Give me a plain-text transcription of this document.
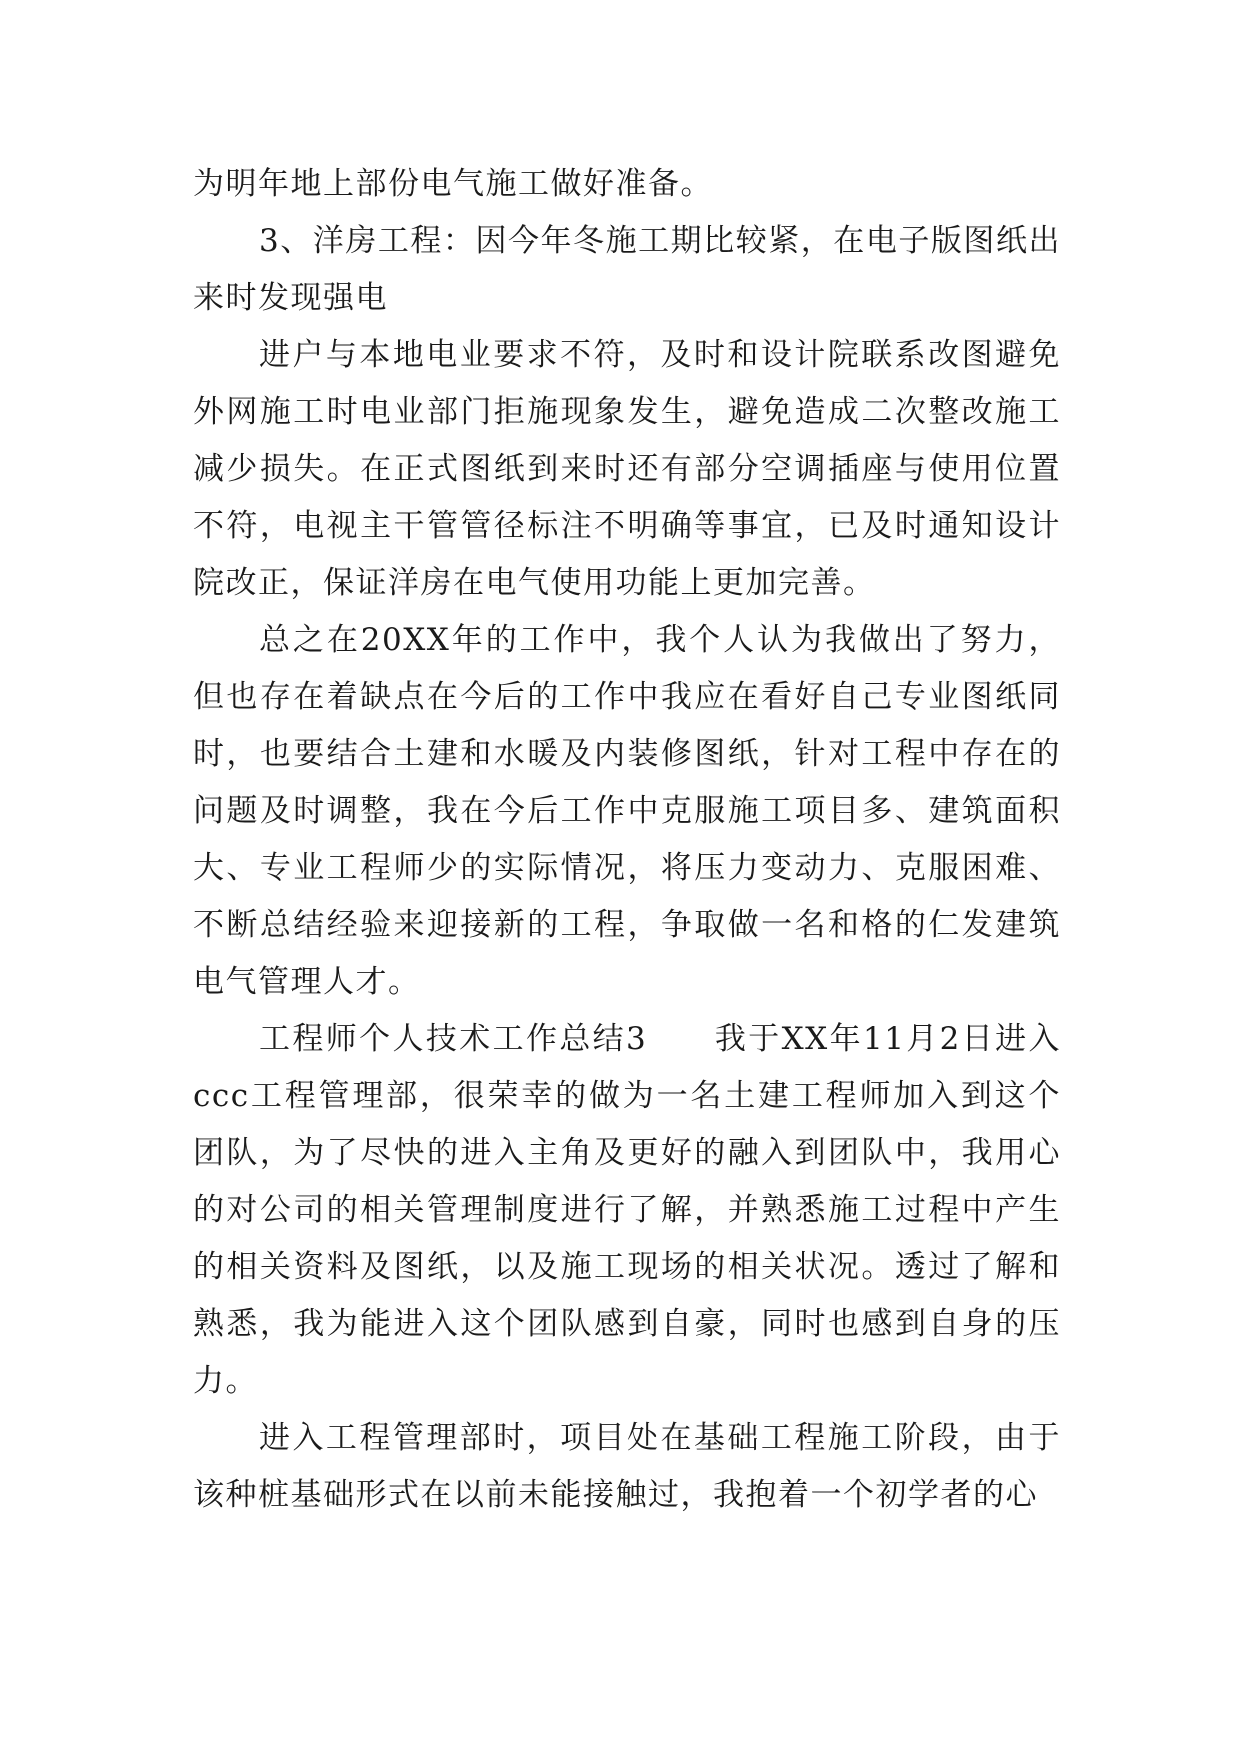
为明年地上部份电气施工做好准备。

3、洋房工程：因今年冬施工期比较紧，在电子版图纸出来时发现强电

进户与本地电业要求不符，及时和设计院联系改图避免外网施工时电业部门拒施现象发生，避免造成二次整改施工减少损失。在正式图纸到来时还有部分空调插座与使用位置不符，电视主干管管径标注不明确等事宜，已及时通知设计院改正，保证洋房在电气使用功能上更加完善。

总之在20XX年的工作中，我个人认为我做出了努力，但也存在着缺点在今后的工作中我应在看好自己专业图纸同时，也要结合土建和水暖及内装修图纸，针对工程中存在的问题及时调整，我在今后工作中克服施工项目多、建筑面积大、专业工程师少的实际情况，将压力变动力、克服困难、不断总结经验来迎接新的工程，争取做一名和格的仁发建筑电气管理人才。

工程师个人技术工作总结3　　我于XX年11月2日进入ccc工程管理部，很荣幸的做为一名土建工程师加入到这个团队，为了尽快的进入主角及更好的融入到团队中，我用心的对公司的相关管理制度进行了解，并熟悉施工过程中产生的相关资料及图纸，以及施工现场的相关状况。透过了解和熟悉，我为能进入这个团队感到自豪，同时也感到自身的压力。

进入工程管理部时，项目处在基础工程施工阶段，由于该种桩基础形式在以前未能接触过，我抱着一个初学者的心
